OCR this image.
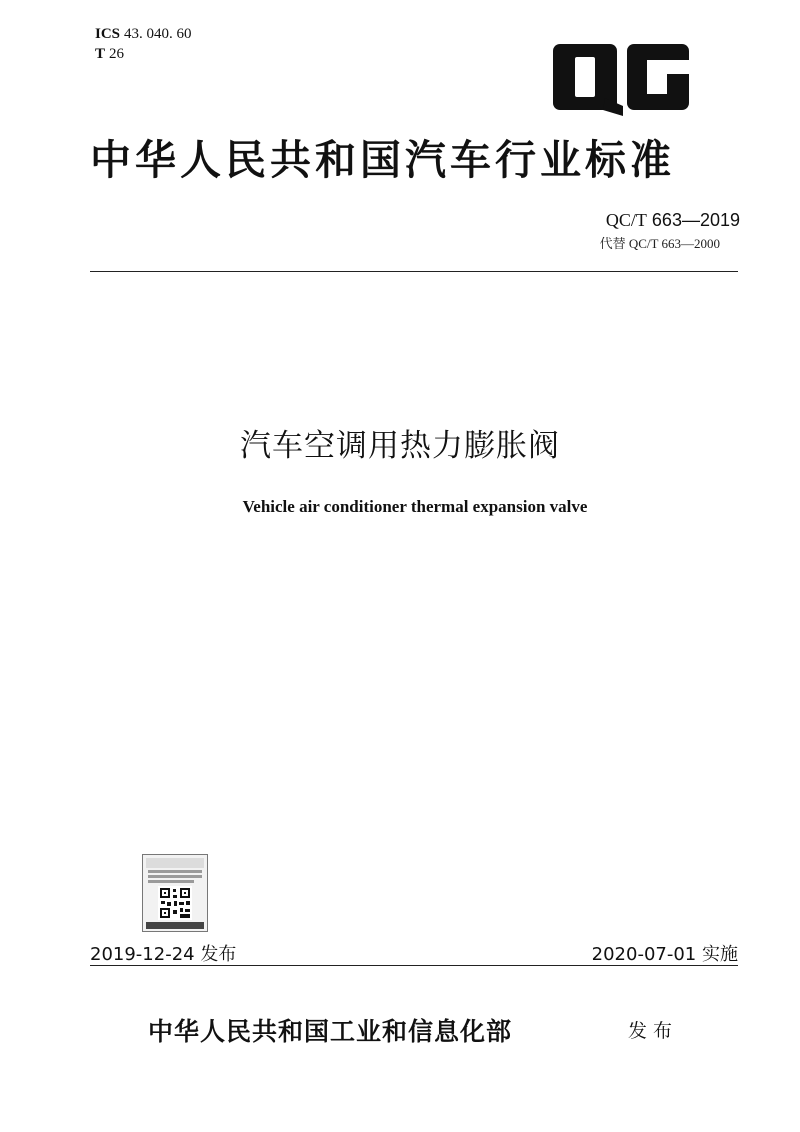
ICS 43. 040. 60
T 26
中华人民共和国汽车行业标准
QC/T 663—2019
代替 QC/T 663—2000
汽车空调用热力膨胀阀
Vehicle air conditioner thermal expansion valve
2019-12-24 发布	2020-07-01 实施
中华人民共和国工业和信息化部	发布
